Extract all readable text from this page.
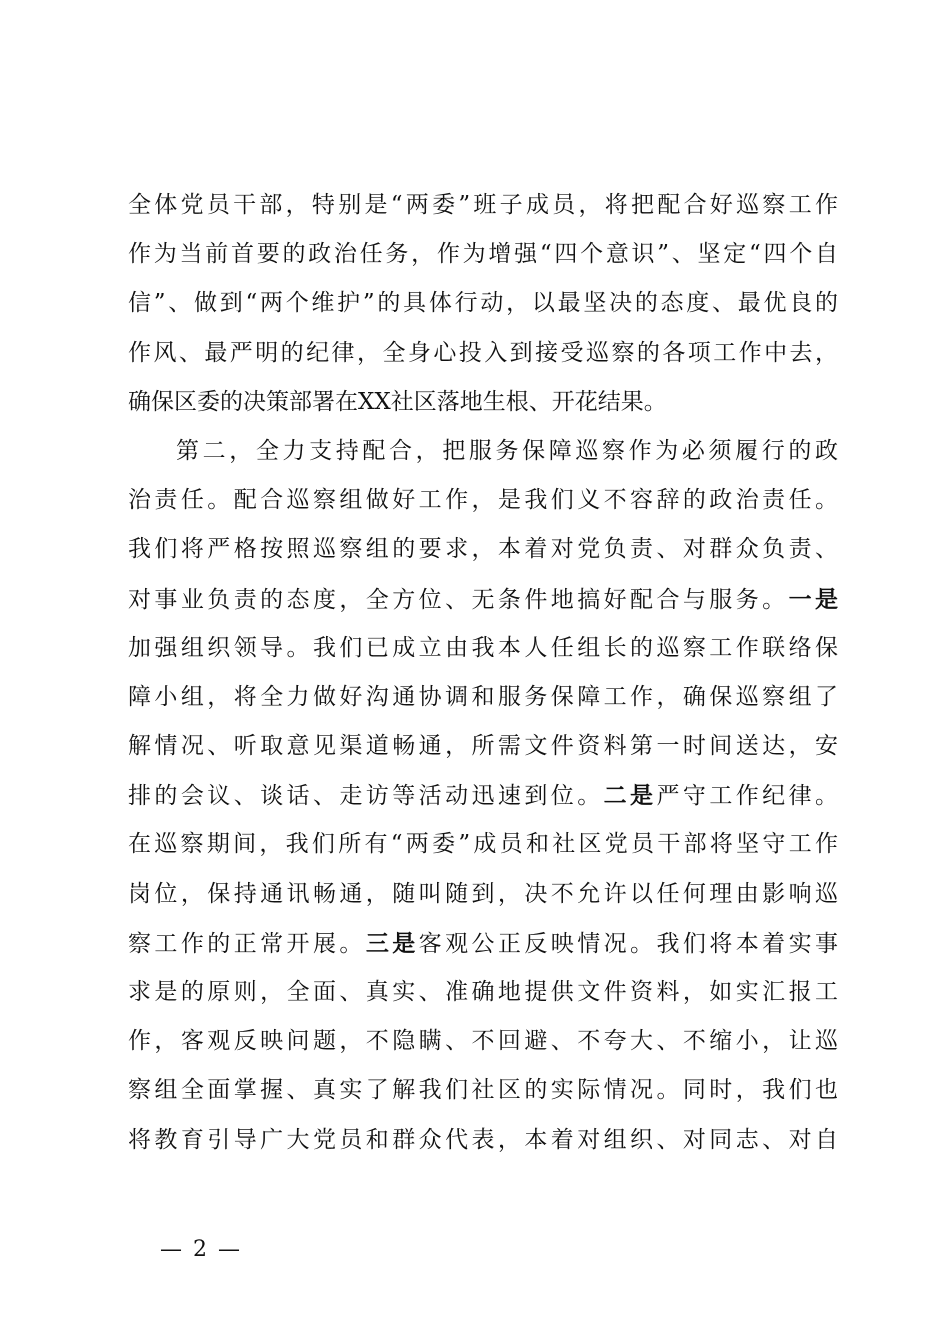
全体党员干部，特别是“两委”班子成员，将把配合好巡察工作
作为当前首要的政治任务，作为增强“四个意识”、坚定“四个自
信”、做到“两个维护”的具体行动，以最坚决的态度、最优良的
作风、最严明的纪律，全身心投入到接受巡察的各项工作中去，
确保区委的决策部署在XX社区落地生根、开花结果。
第二，全力支持配合，把服务保障巡察作为必须履行的政
治责任。配合巡察组做好工作，是我们义不容辞的政治责任。
我们将严格按照巡察组的要求，本着对党负责、对群众负责、
对事业负责的态度，全方位、无条件地搞好配合与服务。一是
加强组织领导。我们已成立由我本人任组长的巡察工作联络保
障小组，将全力做好沟通协调和服务保障工作，确保巡察组了
解情况、听取意见渠道畅通，所需文件资料第一时间送达，安
排的会议、谈话、走访等活动迅速到位。二是严守工作纪律。
在巡察期间，我们所有“两委”成员和社区党员干部将坚守工作
岗位，保持通讯畅通，随叫随到，决不允许以任何理由影响巡
察工作的正常开展。三是客观公正反映情况。我们将本着实事
求是的原则，全面、真实、准确地提供文件资料，如实汇报工
作，客观反映问题，不隐瞒、不回避、不夸大、不缩小，让巡
察组全面掌握、真实了解我们社区的实际情况。同时，我们也
将教育引导广大党员和群众代表，本着对组织、对同志、对自
— 2 —
